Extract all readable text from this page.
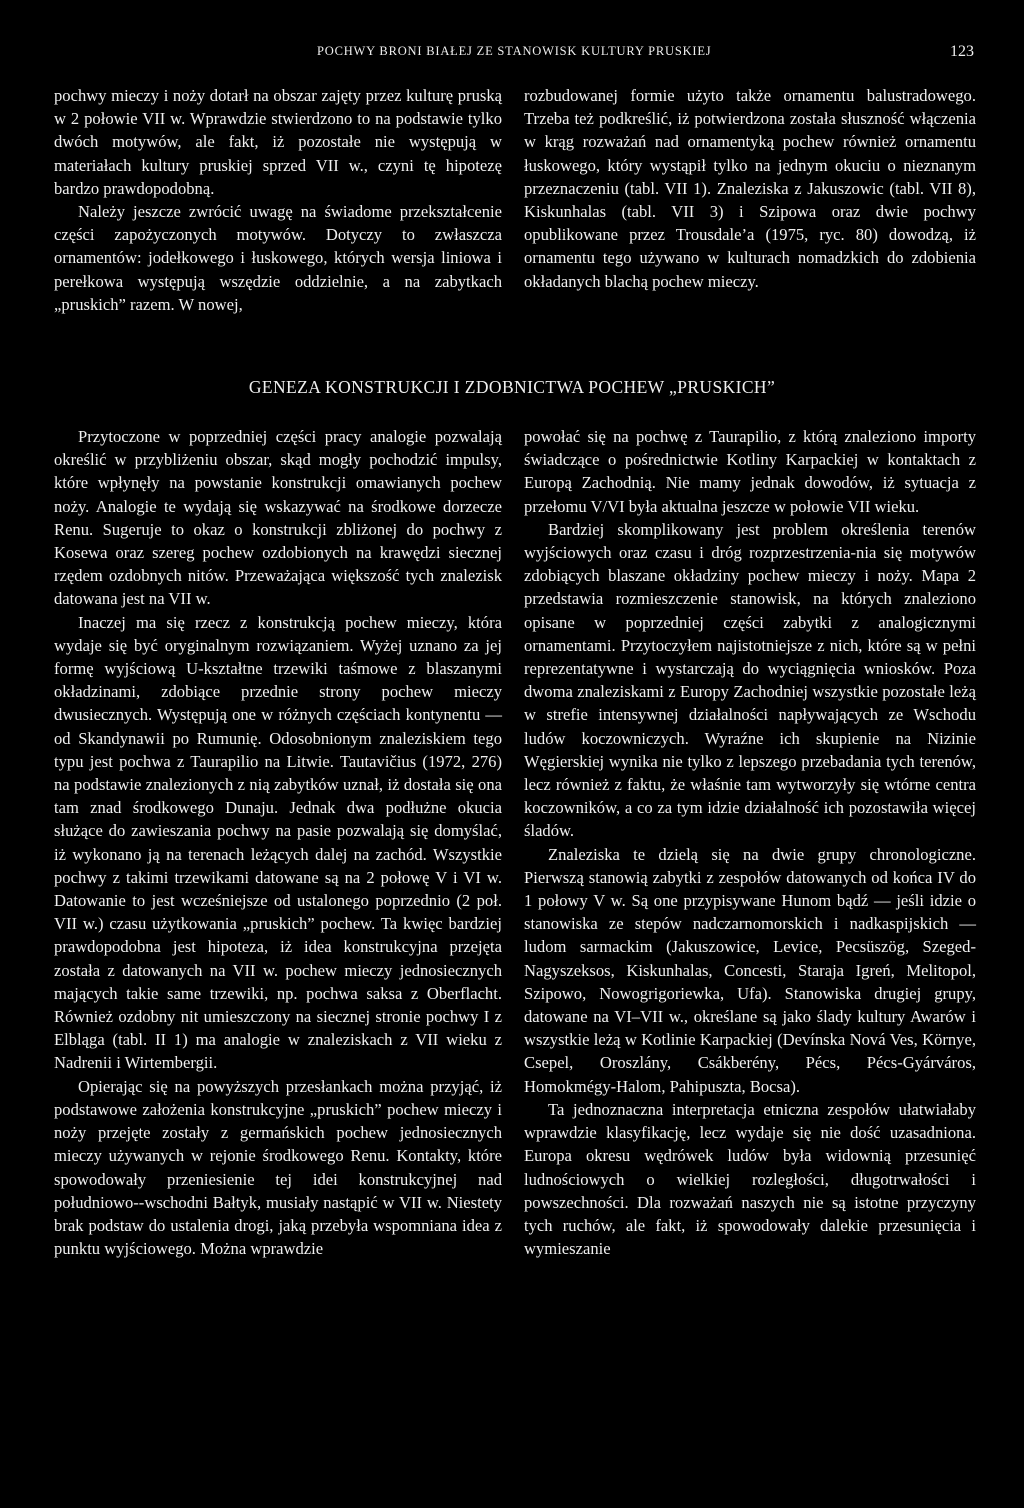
POCHWY BRONI BIAŁEJ ZE STANOWISK KULTURY PRUSKIEJ	123

pochwy mieczy i noży dotarł na obszar zajęty przez kulturę pruską w 2 połowie VII w. Wprawdzie stwierdzono to na podstawie tylko dwóch motywów, ale fakt, iż pozostałe nie występują w materiałach kultury pruskiej sprzed VII w., czyni tę hipotezę bardzo prawdopodobną.

Należy jeszcze zwrócić uwagę na świadome przekształcenie części zapożyczonych motywów. Dotyczy to zwłaszcza ornamentów: jodełkowego i łuskowego, których wersja liniowa i perełkowa występują wszędzie oddzielnie, a na zabytkach „pruskich” razem. W nowej,

rozbudowanej formie użyto także ornamentu balustradowego. Trzeba też podkreślić, iż potwierdzona została słuszność włączenia w krąg rozważań nad ornamentyką pochew również ornamentu łuskowego, który wystąpił tylko na jednym okuciu o nieznanym przeznaczeniu (tabl. VII 1). Znaleziska z Jakuszowic (tabl. VII 8), Kiskunhalas (tabl. VII 3) i Szipowa oraz dwie pochwy opublikowane przez Trousdale’a (1975, ryc. 80) dowodzą, iż ornamentu tego używano w kulturach nomadzkich do zdobienia okładanych blachą pochew mieczy.

GENEZA KONSTRUKCJI I ZDOBNICTWA POCHEW „PRUSKICH”

Przytoczone w poprzedniej części pracy analogie pozwalają określić w przybliżeniu obszar, skąd mogły pochodzić impulsy, które wpłynęły na powstanie konstrukcji omawianych pochew noży. Analogie te wydają się wskazywać na środkowe dorzecze Renu. Sugeruje to okaz o konstrukcji zbliżonej do pochwy z Kosewa oraz szereg pochew ozdobionych na krawędzi siecznej rzędem ozdobnych nitów. Przeważająca większość tych znalezisk datowana jest na VII w.

Inaczej ma się rzecz z konstrukcją pochew mieczy, która wydaje się być oryginalnym rozwiązaniem. Wyżej uznano za jej formę wyjściową U-kształtne trzewiki taśmowe z blaszanymi okładzinami, zdobiące przednie strony pochew mieczy dwusiecznych. Występują one w różnych częściach kontynentu — od Skandynawii po Rumunię. Odosobnionym znaleziskiem tego typu jest pochwa z Taurapilio na Litwie. Tautavičius (1972, 276) na podstawie znalezionych z nią zabytków uznał, iż dostała się ona tam znad środkowego Dunaju. Jednak dwa podłużne okucia służące do zawieszania pochwy na pasie pozwalają się domyślać, iż wykonano ją na terenach leżących dalej na zachód. Wszystkie pochwy z takimi trzewikami datowane są na 2 połowę V i VI w. Datowanie to jest wcześniejsze od ustalonego poprzednio (2 poł. VII w.) czasu użytkowania „pruskich” pochew. Ta kwięc bardziej prawdopodobna jest hipoteza, iż idea konstrukcyjna przejęta została z datowanych na VII w. pochew mieczy jednosiecznych mających takie same trzewiki, np. pochwa saksa z Oberflacht. Również ozdobny nit umieszczony na siecznej stronie pochwy I z Elbląga (tabl. II 1) ma analogie w znaleziskach z VII wieku z Nadrenii i Wirtembergii.

Opierając się na powyższych przesłankach można przyjąć, iż podstawowe założenia konstrukcyjne „pruskich” pochew mieczy i noży przejęte zostały z germańskich pochew jednosiecznych mieczy używanych w rejonie środkowego Renu. Kontakty, które spowodowały przeniesienie tej idei konstrukcyjnej nad południowo--wschodni Bałtyk, musiały nastąpić w VII w. Niestety brak podstaw do ustalenia drogi, jaką przebyła wspomniana idea z punktu wyjściowego. Można wprawdzie

powołać się na pochwę z Taurapilio, z którą znaleziono importy świadczące o pośrednictwie Kotliny Karpackiej w kontaktach z Europą Zachodnią. Nie mamy jednak dowodów, iż sytuacja z przełomu V/VI była aktualna jeszcze w połowie VII wieku.

Bardziej skomplikowany jest problem określenia terenów wyjściowych oraz czasu i dróg rozprzestrzenia-nia się motywów zdobiących blaszane okładziny pochew mieczy i noży. Mapa 2 przedstawia rozmieszczenie stanowisk, na których znaleziono opisane w poprzedniej części zabytki z analogicznymi ornamentami. Przytoczyłem najistotniejsze z nich, które są w pełni reprezentatywne i wystarczają do wyciągnięcia wniosków. Poza dwoma znaleziskami z Europy Zachodniej wszystkie pozostałe leżą w strefie intensywnej działalności napływających ze Wschodu ludów koczowniczych. Wyraźne ich skupienie na Nizinie Węgierskiej wynika nie tylko z lepszego przebadania tych terenów, lecz również z faktu, że właśnie tam wytworzyły się wtórne centra koczowników, a co za tym idzie działalność ich pozostawiła więcej śladów.

Znaleziska te dzielą się na dwie grupy chronologiczne. Pierwszą stanowią zabytki z zespołów datowanych od końca IV do 1 połowy V w. Są one przypisywane Hunom bądź — jeśli idzie o stanowiska ze stepów nadczarnomorskich i nadkaspijskich — ludom sarmackim (Jakuszowice, Levice, Pecsüszög, Szeged-Nagyszeksos, Kiskunhalas, Concesti, Staraja Igreń, Melitopol, Szipowo, Nowogrigoriewka, Ufa). Stanowiska drugiej grupy, datowane na VI–VII w., określane są jako ślady kultury Awarów i wszystkie leżą w Kotlinie Karpackiej (Devínska Nová Ves, Környe, Csepel, Oroszlány, Csákberény, Pécs, Pécs-Gyárváros, Homokmégy-Halom, Pahipuszta, Bocsa).

Ta jednoznaczna interpretacja etniczna zespołów ułatwiałaby wprawdzie klasyfikację, lecz wydaje się nie dość uzasadniona. Europa okresu wędrówek ludów była widownią przesunięć ludnościowych o wielkiej rozległości, długotrwałości i powszechności. Dla rozważań naszych nie są istotne przyczyny tych ruchów, ale fakt, iż spowodowały dalekie przesunięcia i wymieszanie
